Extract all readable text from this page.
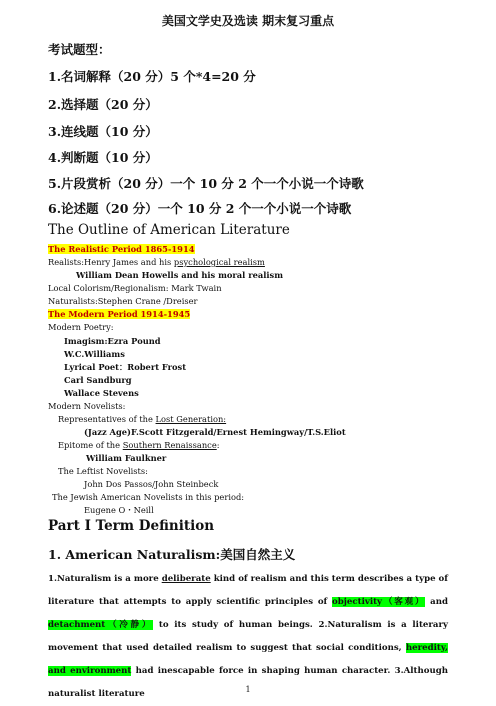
美国文学史及选读 期末复习重点
考试题型：
1.名词解释（20 分）5 个*4=20 分
2.选择题（20 分）
3.连线题（10 分）
4.判断题（10 分）
5.片段赏析（20 分）一个 10 分 2 个一个小说一个诗歌
6.论述题（20 分）一个 10 分 2 个一个小说一个诗歌
The Outline of American Literature
The Realistic Period 1865-1914
Realists:Henry James and his psychological realism
William Dean Howells and his moral realism
Local Colorism/Regionalism: Mark Twain
Naturalists:Stephen Crane /Dreiser
The Modern Period 1914-1945
Modern Poetry:
Imagism:Ezra Pound
W.C.Williams
Lyrical Poet：Robert Frost
Carl Sandburg
Wallace Stevens
Modern Novelists:
Representatives of the Lost Generation:
(Jazz Age)F.Scott Fitzgerald/Ernest Hemingway/T.S.Eliot
Epitome of the Southern Renaissance:
William Faulkner
The Leftist Novelists:
John Dos Passos/John Steinbeck
The Jewish American Novelists in this period:
Eugene O・Neill
Part I Term Definition
1. American Naturalism:美国自然主义
1.Naturalism is a more deliberate kind of realism and this term describes a type of literature that attempts to apply scientific principles of objectivity（客观） and detachment（冷静） to its study of human beings. 2.Naturalism is a literary movement that used detailed realism to suggest that social conditions, heredity, and environment had inescapable force in shaping human character. 3.Although naturalist literature	1
